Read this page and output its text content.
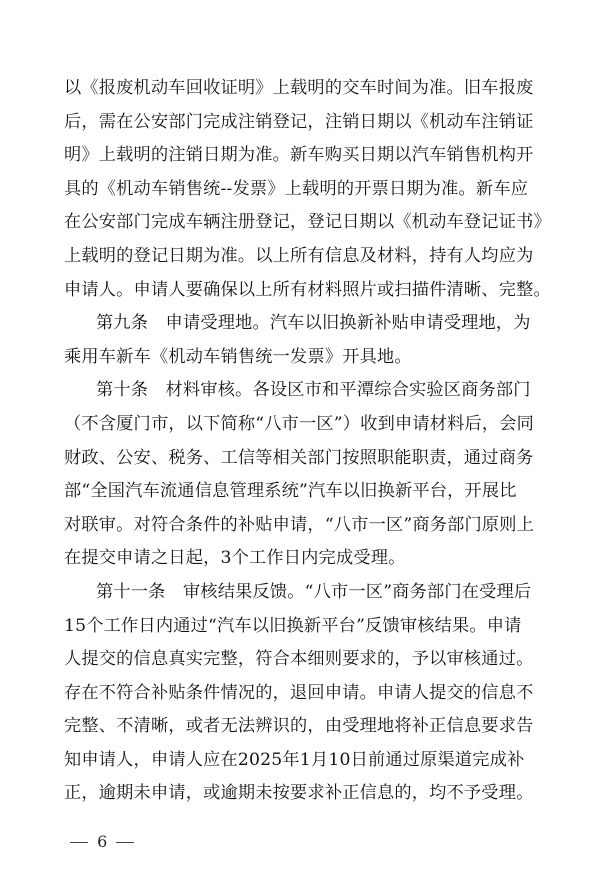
以《报废机动车回收证明》上载明的交车时间为准。旧车报废
后，需在公安部门完成注销登记，注销日期以《机动车注销证
明》上载明的注销日期为准。新车购买日期以汽车销售机构开
具的《机动车销售统--发票》上载明的开票日期为准。新车应
在公安部门完成车辆注册登记，登记日期以《机动车登记证书》
上载明的登记日期为准。以上所有信息及材料，持有人均应为
申请人。申请人要确保以上所有材料照片或扫描件清晰、完整。
第九条　申请受理地。汽车以旧换新补贴申请受理地，为
乘用车新车《机动车销售统一发票》开具地。
第十条　材料审核。各设区市和平潭综合实验区商务部门
（不含厦门市，以下简称“八市一区”）收到申请材料后，会同
财政、公安、税务、工信等相关部门按照职能职责，通过商务
部“全国汽车流通信息管理系统”汽车以旧换新平台，开展比
对联审。对符合条件的补贴申请，“八市一区”商务部门原则上
在提交申请之日起，3个工作日内完成受理。
第十一条　审核结果反馈。“八市一区”商务部门在受理后
15个工作日内通过“汽车以旧换新平台”反馈审核结果。申请
人提交的信息真实完整，符合本细则要求的，予以审核通过。
存在不符合补贴条件情况的，退回申请。申请人提交的信息不
完整、不清晰，或者无法辨识的，由受理地将补正信息要求告
知申请人，申请人应在2025年1月10日前通过原渠道完成补
正，逾期未申请，或逾期未按要求补正信息的，均不予受理。
6
